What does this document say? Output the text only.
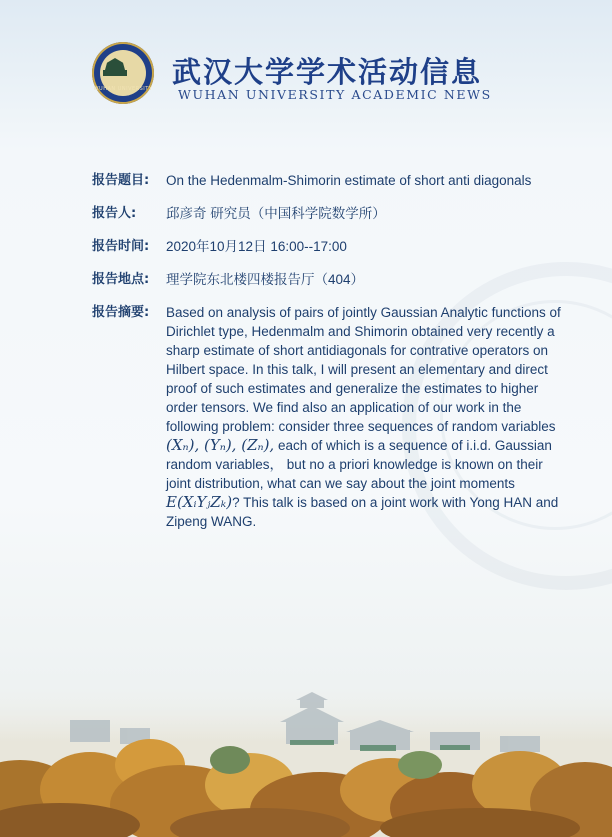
WUHAN UNIVERSITY 武汉大学学术活动信息
WUHAN UNIVERSITY ACADEMIC NEWS
报告题目:	On the Hedenmalm-Shimorin estimate of short anti diagonals
报告人:	邱彦奇 研究员（中国科学院数学所）
报告时间:	2020年10月12日 16:00--17:00
报告地点:	理学院东北楼四楼报告厅（404）
报告摘要:	Based on analysis of pairs of jointly Gaussian Analytic functions of Dirichlet type, Hedenmalm and Shimorin obtained very recently a sharp estimate of short antidiagonals for contrative operators on Hilbert space. In this talk, I will present an elementary and direct proof of such estimates and generalize the estimates to higher order tensors. We find also an application of our work in the following problem: consider three sequences of random variables (Xₙ), (Yₙ), (Zₙ), each of which is a sequence of i.i.d. Gaussian random variables， but no a priori knowledge is known on their joint distribution, what can we say about the joint moments E(XᵢYⱼZₖ)? This talk is based on a joint work with Yong HAN and Zipeng WANG.
